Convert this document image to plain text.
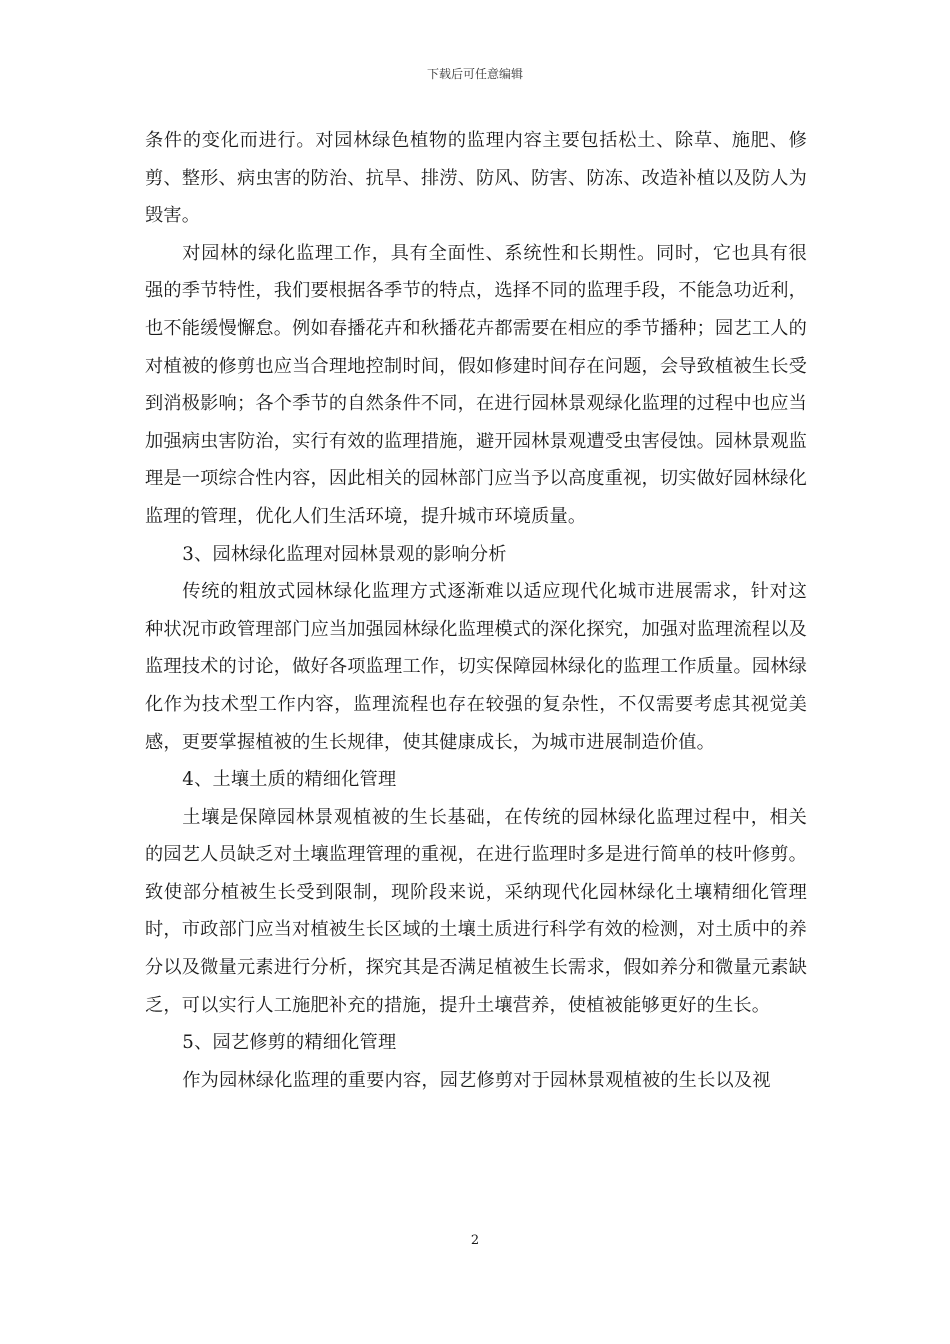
下载后可任意编辑

条件的变化而进行。对园林绿色植物的监理内容主要包括松土、除草、施肥、修剪、整形、病虫害的防治、抗旱、排涝、防风、防害、防冻、改造补植以及防人为毁害。

对园林的绿化监理工作，具有全面性、系统性和长期性。同时，它也具有很强的季节特性，我们要根据各季节的特点，选择不同的监理手段，不能急功近利，也不能缓慢懈怠。例如春播花卉和秋播花卉都需要在相应的季节播种；园艺工人的对植被的修剪也应当合理地控制时间，假如修建时间存在问题，会导致植被生长受到消极影响；各个季节的自然条件不同，在进行园林景观绿化监理的过程中也应当加强病虫害防治，实行有效的监理措施，避开园林景观遭受虫害侵蚀。园林景观监理是一项综合性内容，因此相关的园林部门应当予以高度重视，切实做好园林绿化监理的管理，优化人们生活环境，提升城市环境质量。

3、园林绿化监理对园林景观的影响分析

传统的粗放式园林绿化监理方式逐渐难以适应现代化城市进展需求，针对这种状况市政管理部门应当加强园林绿化监理模式的深化探究，加强对监理流程以及监理技术的讨论，做好各项监理工作，切实保障园林绿化的监理工作质量。园林绿化作为技术型工作内容，监理流程也存在较强的复杂性，不仅需要考虑其视觉美感，更要掌握植被的生长规律，使其健康成长，为城市进展制造价值。

4、土壤土质的精细化管理

土壤是保障园林景观植被的生长基础，在传统的园林绿化监理过程中，相关的园艺人员缺乏对土壤监理管理的重视，在进行监理时多是进行简单的枝叶修剪。致使部分植被生长受到限制，现阶段来说，采纳现代化园林绿化土壤精细化管理时，市政部门应当对植被生长区域的土壤土质进行科学有效的检测，对土质中的养分以及微量元素进行分析，探究其是否满足植被生长需求，假如养分和微量元素缺乏，可以实行人工施肥补充的措施，提升土壤营养，使植被能够更好的生长。

5、园艺修剪的精细化管理

作为园林绿化监理的重要内容，园艺修剪对于园林景观植被的生长以及视

2
